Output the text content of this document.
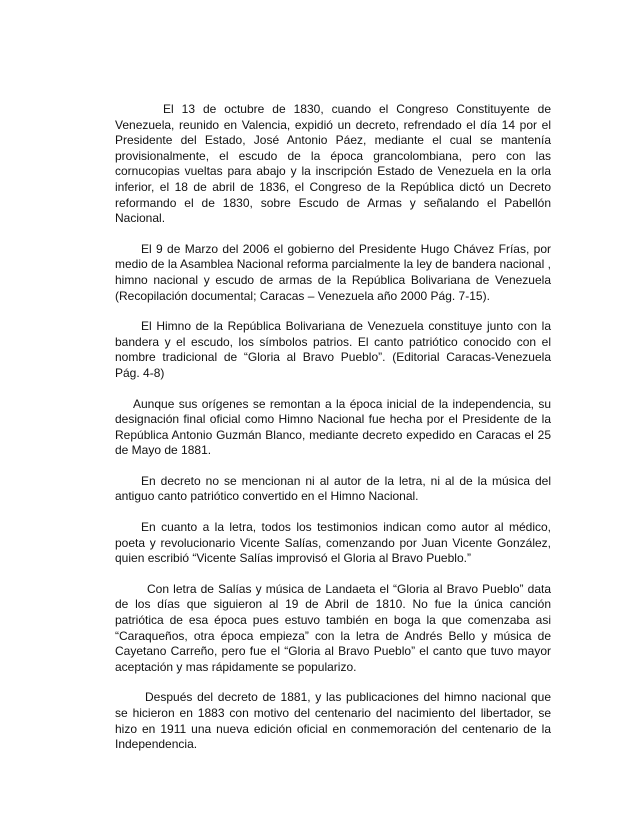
El 13 de octubre de 1830, cuando el Congreso Constituyente de Venezuela, reunido en Valencia, expidió un decreto, refrendado el día 14 por el Presidente del Estado, José Antonio Páez, mediante el cual se mantenía provisionalmente, el escudo de la época grancolombiana, pero con las cornucopias vueltas para abajo y la inscripción Estado de Venezuela en la orla inferior, el 18 de abril de 1836, el Congreso de la República dictó un Decreto reformando el de 1830, sobre Escudo de Armas y señalando el Pabellón Nacional.

El 9 de Marzo del 2006 el gobierno del Presidente Hugo Chávez Frías, por medio de la Asamblea Nacional reforma parcialmente la ley de bandera nacional , himno nacional y escudo de armas de la República Bolivariana de Venezuela (Recopilación documental; Caracas – Venezuela año 2000 Pág. 7-15).

El Himno de la República Bolivariana de Venezuela constituye junto con la bandera y el escudo, los símbolos patrios. El canto patriótico conocido con el nombre tradicional de “Gloria al Bravo Pueblo”. (Editorial Caracas-Venezuela Pág. 4-8)

Aunque sus orígenes se remontan a la época inicial de la independencia, su designación final oficial como Himno Nacional fue hecha por el Presidente de la República Antonio Guzmán Blanco, mediante decreto expedido en Caracas el 25 de Mayo de 1881.

En decreto no se mencionan ni al autor de la letra, ni al de la música del antiguo canto patriótico convertido en el Himno Nacional.

En cuanto a la letra, todos los testimonios indican como autor al médico, poeta y revolucionario Vicente Salías, comenzando por Juan Vicente González, quien escribió “Vicente Salías improvisó el Gloria al Bravo Pueblo.”

Con letra de Salías y música de Landaeta el “Gloria al Bravo Pueblo” data de los días que siguieron al 19 de Abril de 1810. No fue la única canción patriótica de esa época pues estuvo también en boga la que comenzaba asi “Caraqueños, otra época empieza” con la letra de Andrés Bello y música de Cayetano Carreño, pero fue el “Gloria al Bravo Pueblo” el canto que tuvo mayor aceptación y mas rápidamente se popularizo.

Después del decreto de 1881, y las publicaciones del himno nacional que se hicieron en 1883 con motivo del centenario del nacimiento del libertador, se hizo en 1911 una nueva edición oficial en conmemoración del centenario de la Independencia.
